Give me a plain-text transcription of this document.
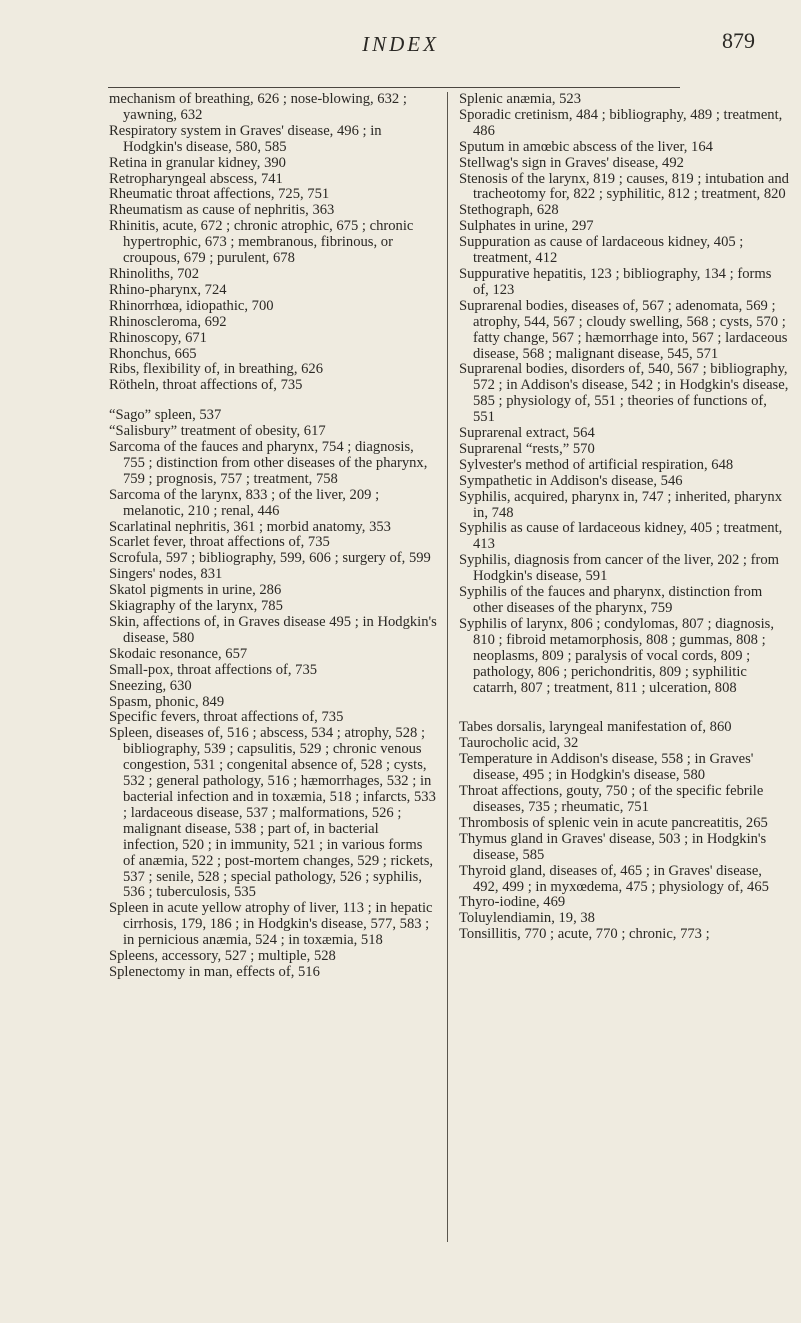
INDEX	879

mechanism of breathing, 626 ; nose-blowing, 632 ; yawning, 632

Respiratory system in Graves' disease, 496 ; in Hodgkin's disease, 580, 585

Retina in granular kidney, 390

Retropharyngeal abscess, 741

Rheumatic throat affections, 725, 751

Rheumatism as cause of nephritis, 363

Rhinitis, acute, 672 ; chronic atrophic, 675 ; chronic hypertrophic, 673 ; membranous, fibrinous, or croupous, 679 ; purulent, 678

Rhinoliths, 702

Rhino-pharynx, 724

Rhinorrhœa, idiopathic, 700

Rhinoscleroma, 692

Rhinoscopy, 671

Rhonchus, 665

Ribs, flexibility of, in breathing, 626

Rötheln, throat affections of, 735

“Sago” spleen, 537

“Salisbury” treatment of obesity, 617

Sarcoma of the fauces and pharynx, 754 ; diagnosis, 755 ; distinction from other diseases of the pharynx, 759 ; prognosis, 757 ; treatment, 758

Sarcoma of the larynx, 833 ; of the liver, 209 ; melanotic, 210 ; renal, 446

Scarlatinal nephritis, 361 ; morbid anatomy, 353

Scarlet fever, throat affections of, 735

Scrofula, 597 ; bibliography, 599, 606 ; surgery of, 599

Singers' nodes, 831

Skatol pigments in urine, 286

Skiagraphy of the larynx, 785

Skin, affections of, in Graves disease 495 ; in Hodgkin's disease, 580

Skodaic resonance, 657

Small-pox, throat affections of, 735

Sneezing, 630

Spasm, phonic, 849

Specific fevers, throat affections of, 735

Spleen, diseases of, 516 ; abscess, 534 ; atrophy, 528 ; bibliography, 539 ; capsulitis, 529 ; chronic venous congestion, 531 ; congenital absence of, 528 ; cysts, 532 ; general pathology, 516 ; hæmorrhages, 532 ; in bacterial infection and in toxæmia, 518 ; infarcts, 533 ; lardaceous disease, 537 ; malformations, 526 ; malignant disease, 538 ; part of, in bacterial infection, 520 ; in immunity, 521 ; in various forms of anæmia, 522 ; post-mortem changes, 529 ; rickets, 537 ; senile, 528 ; special pathology, 526 ; syphilis, 536 ; tuberculosis, 535

Spleen in acute yellow atrophy of liver, 113 ; in hepatic cirrhosis, 179, 186 ; in Hodgkin's disease, 577, 583 ; in pernicious anæmia, 524 ; in toxæmia, 518

Spleens, accessory, 527 ; multiple, 528

Splenectomy in man, effects of, 516

Splenic anæmia, 523

Sporadic cretinism, 484 ; bibliography, 489 ; treatment, 486

Sputum in amœbic abscess of the liver, 164

Stellwag's sign in Graves' disease, 492

Stenosis of the larynx, 819 ; causes, 819 ; intubation and tracheotomy for, 822 ; syphilitic, 812 ; treatment, 820

Stethograph, 628

Sulphates in urine, 297

Suppuration as cause of lardaceous kidney, 405 ; treatment, 412

Suppurative hepatitis, 123 ; bibliography, 134 ; forms of, 123

Suprarenal bodies, diseases of, 567 ; adenomata, 569 ; atrophy, 544, 567 ; cloudy swelling, 568 ; cysts, 570 ; fatty change, 567 ; hæmorrhage into, 567 ; lardaceous disease, 568 ; malignant disease, 545, 571

Suprarenal bodies, disorders of, 540, 567 ; bibliography, 572 ; in Addison's disease, 542 ; in Hodgkin's disease, 585 ; physiology of, 551 ; theories of functions of, 551

Suprarenal extract, 564

Suprarenal “rests,” 570

Sylvester's method of artificial respiration, 648

Sympathetic in Addison's disease, 546

Syphilis, acquired, pharynx in, 747 ; inherited, pharynx in, 748

Syphilis as cause of lardaceous kidney, 405 ; treatment, 413

Syphilis, diagnosis from cancer of the liver, 202 ; from Hodgkin's disease, 591

Syphilis of the fauces and pharynx, distinction from other diseases of the pharynx, 759

Syphilis of larynx, 806 ; condylomas, 807 ; diagnosis, 810 ; fibroid metamorphosis, 808 ; gummas, 808 ; neoplasms, 809 ; paralysis of vocal cords, 809 ; pathology, 806 ; perichondritis, 809 ; syphilitic catarrh, 807 ; treatment, 811 ; ulceration, 808

Tabes dorsalis, laryngeal manifestation of, 860

Taurocholic acid, 32

Temperature in Addison's disease, 558 ; in Graves' disease, 495 ; in Hodgkin's disease, 580

Throat affections, gouty, 750 ; of the specific febrile diseases, 735 ; rheumatic, 751

Thrombosis of splenic vein in acute pancreatitis, 265

Thymus gland in Graves' disease, 503 ; in Hodgkin's disease, 585

Thyroid gland, diseases of, 465 ; in Graves' disease, 492, 499 ; in myxœdema, 475 ; physiology of, 465

Thyro-iodine, 469

Toluylendiamin, 19, 38

Tonsillitis, 770 ; acute, 770 ; chronic, 773 ;
